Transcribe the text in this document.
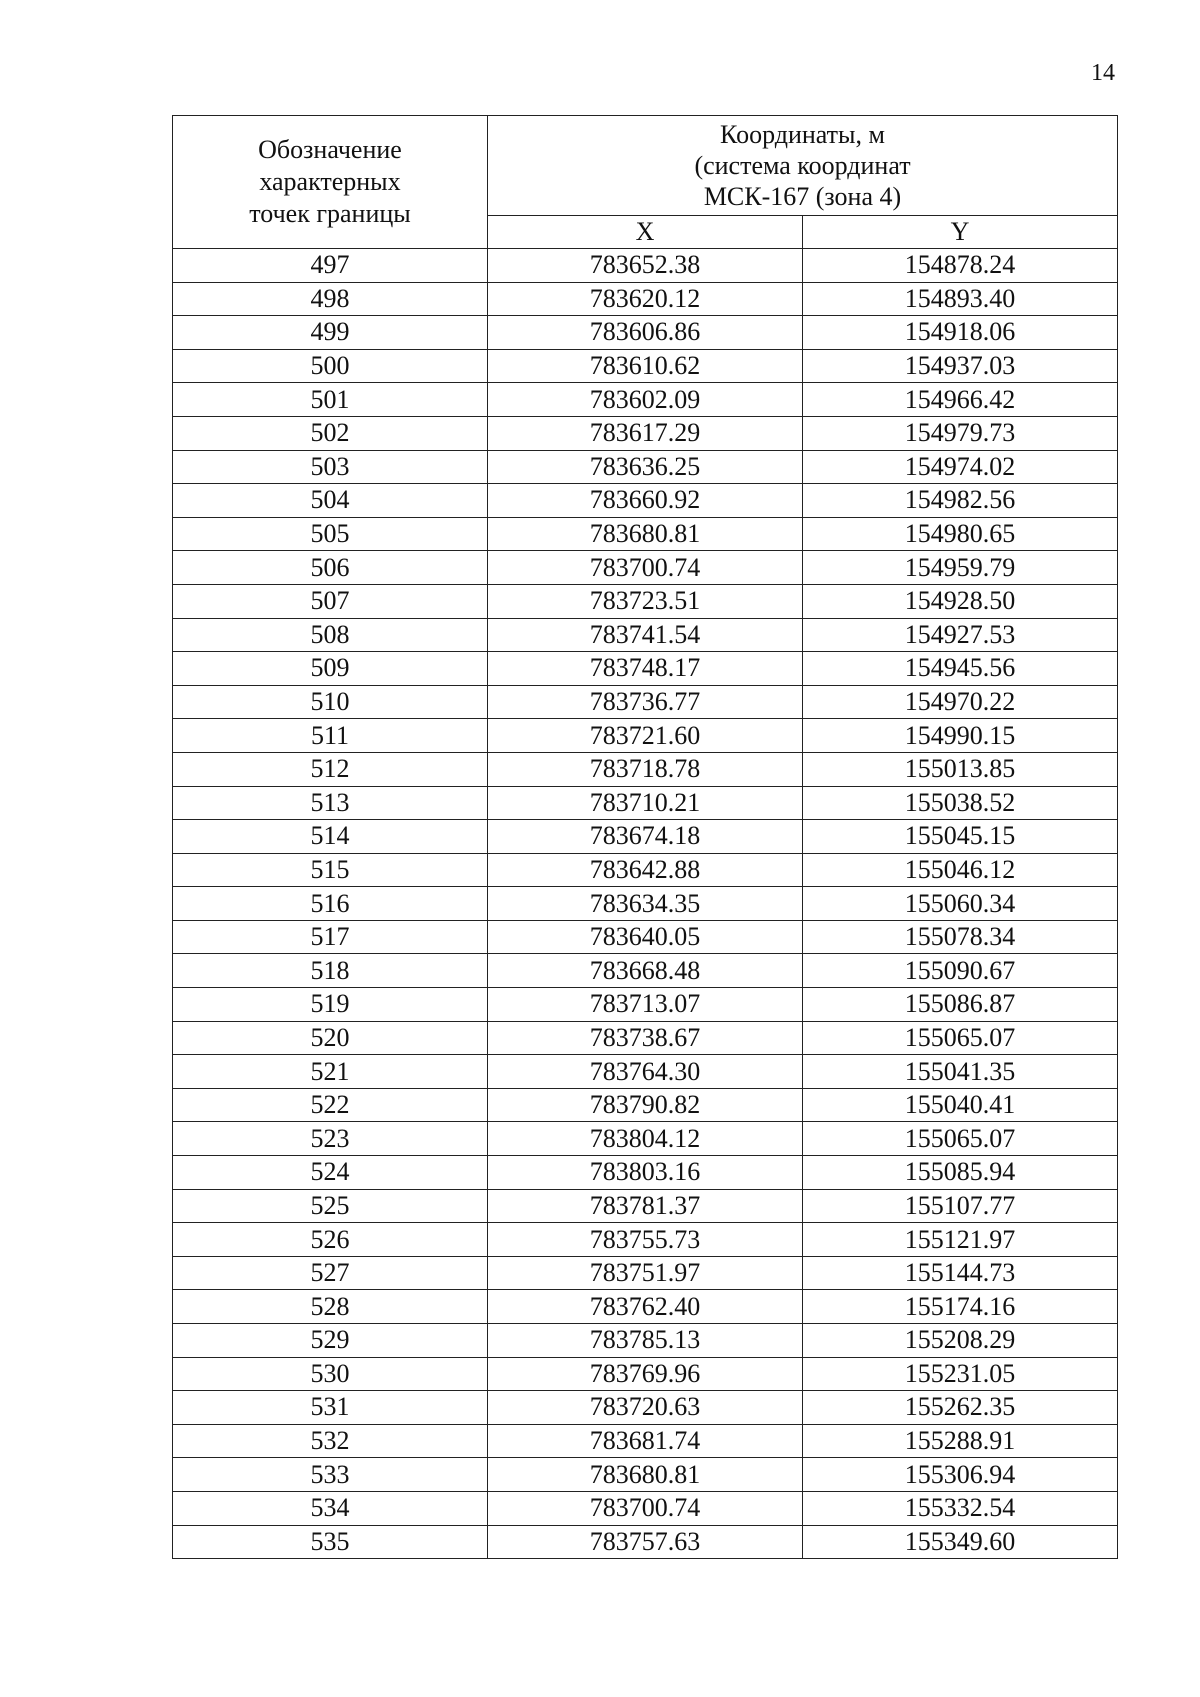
14
Обозначение
характерных
точек границы	Координаты, м
(система координат
МСК-167 (зона 4)	

	X	Y
497	783652.38	154878.24
498	783620.12	154893.40
499	783606.86	154918.06
500	783610.62	154937.03
501	783602.09	154966.42
502	783617.29	154979.73
503	783636.25	154974.02
504	783660.92	154982.56
505	783680.81	154980.65
506	783700.74	154959.79
507	783723.51	154928.50
508	783741.54	154927.53
509	783748.17	154945.56
510	783736.77	154970.22
511	783721.60	154990.15
512	783718.78	155013.85
513	783710.21	155038.52
514	783674.18	155045.15
515	783642.88	155046.12
516	783634.35	155060.34
517	783640.05	155078.34
518	783668.48	155090.67
519	783713.07	155086.87
520	783738.67	155065.07
521	783764.30	155041.35
522	783790.82	155040.41
523	783804.12	155065.07
524	783803.16	155085.94
525	783781.37	155107.77
526	783755.73	155121.97
527	783751.97	155144.73
528	783762.40	155174.16
529	783785.13	155208.29
530	783769.96	155231.05
531	783720.63	155262.35
532	783681.74	155288.91
533	783680.81	155306.94
534	783700.74	155332.54
535	783757.63	155349.60
